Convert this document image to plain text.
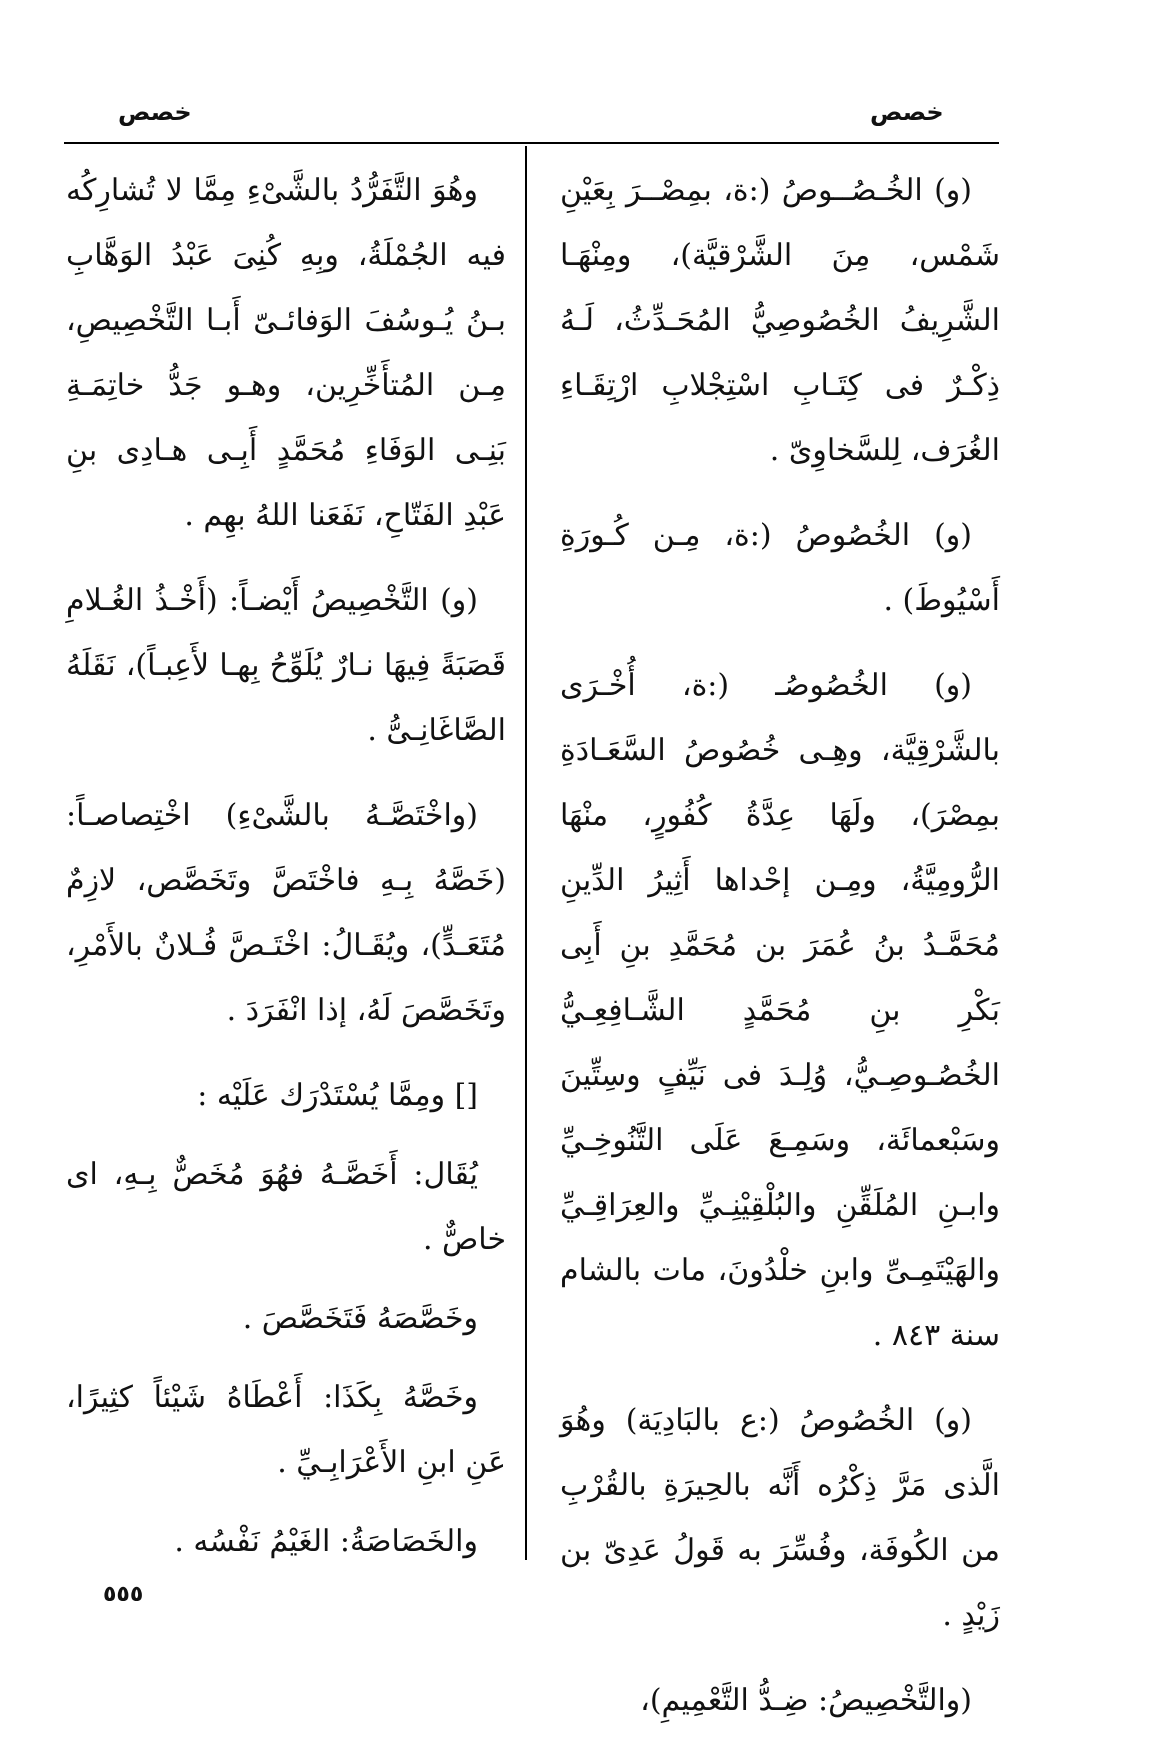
خصص
خصص

(و) الخُـصُــوصُ (:ة، بمِصْــرَ بِعَيْنِ شَمْس، مِنَ الشَّرْقيَّة)، ومِنْهَـا الشَّرِيفُ الخُصُوصِيُّ المُحَـدِّثُ، لَـهُ ذِكْـرٌ فى كِتَـابِ اسْتِجْلابِ ارْتِقَـاءِ الغُرَف، لِلسَّخاوِىّ .

(و) الخُصُوصُ (:ة، مِـن كُـورَةِ أَسْيُوطَ) .

(و) الخُصُوصُـ (:ة، أُخْـرَى بالشَّرْقِيَّة، وهِـى خُصُوصُ السَّعَـادَةِ بمِصْرَ)، ولَهَا عِدَّةُ كُفُورٍ، منْهَا الرُّومِيَّةُ، ومِـن إحْداها أَثِيرُ الدِّينِ مُحَمَّـدُ بنُ عُمَرَ بن مُحَمَّدِ بنِ أَبِى بَكْرِ بنِ مُحَمَّدٍ الشَّـافِعِـيُّ الخُصُـوصِـيُّ، وُلِـدَ فى نَيِّفٍ وسِتِّينَ وسَبْعمائَة، وسَمِـعَ عَلَى التَّنُوخِـيِّ وابـنِ المُلَقِّنِ والبُلْقِيْنِـيِّ والعِرَاقِـيِّ والهَيْتَمِـىِّ وابنِ خلْدُونَ، مات بالشام سنة ٨٤٣ .

(و) الخُصُوصُ (:ع بالبَادِيَة) وهُوَ الَّذى مَرَّ ذِكْرُه أَنَّه بالحِيرَةِ بالقُرْبِ من الكُوفَة، وفُسِّرَ به قَولُ عَدِىّ بن زَيْدٍ .

(والتَّخْصِيصُ: ضِـدُّ التَّعْمِيمِ)،

وهُوَ التَّفَرُّدُ بالشَّىْءِ مِمَّا لا تُشارِكُه فيه الجُمْلَةُ، وبِهِ كُنِىَ عَبْدُ الوَهَّابِ بـنُ يُـوسُفَ الوَفائـىّ أَبـا التَّخْصِيصِ، مِـن المُتأَخِّرِين، وهـو جَدُّ خاتِمَـةِ بَنِـى الوَفَاءِ مُحَمَّدٍ أَبِـى هـادِى بنِ عَبْدِ الفَتّاحِ، نَفَعَنا اللهُ بهِم .

(و) التَّخْصِيصُ أَيْضـاً: (أَخْـذُ الغُـلامِ قَصَبَةً فِيهَا نـارٌ يُلَوِّحُ بِهـا لأَعِبـاً)، نَقَلَهُ الصَّاغَانِـىُّ .

(واخْتَصَّـهُ بالشَّىْءِ) اخْتِصاصـاً: (خَصَّهُ بِـهِ فاخْتَصَّ وتَخَصَّص، لازِمٌ مُتَعَـدٍّ)، ويُقَـالُ: اخْتَـصَّ فُـلانٌ بالأَمْرِ، وتَخَصَّصَ لَهُ، إذا انْفَرَدَ .

[] ومِمَّا يُسْتَدْرَك عَلَيْه :

يُقَال: أَخَصَّـهُ فهُوَ مُخَصٌّ بِـهِ، اى خاصٌّ .

وخَصَّصَهُ فَتَخَصَّصَ .

وخَصَّهُ بِكَذَا: أَعْطَاهُ شَيْئاً كثِيرًا، عَنِ ابنِ الأَعْرَابِـيِّ .

والخَصَاصَةُ: الغَيْمُ نَفْسُه .

٥٥٥
